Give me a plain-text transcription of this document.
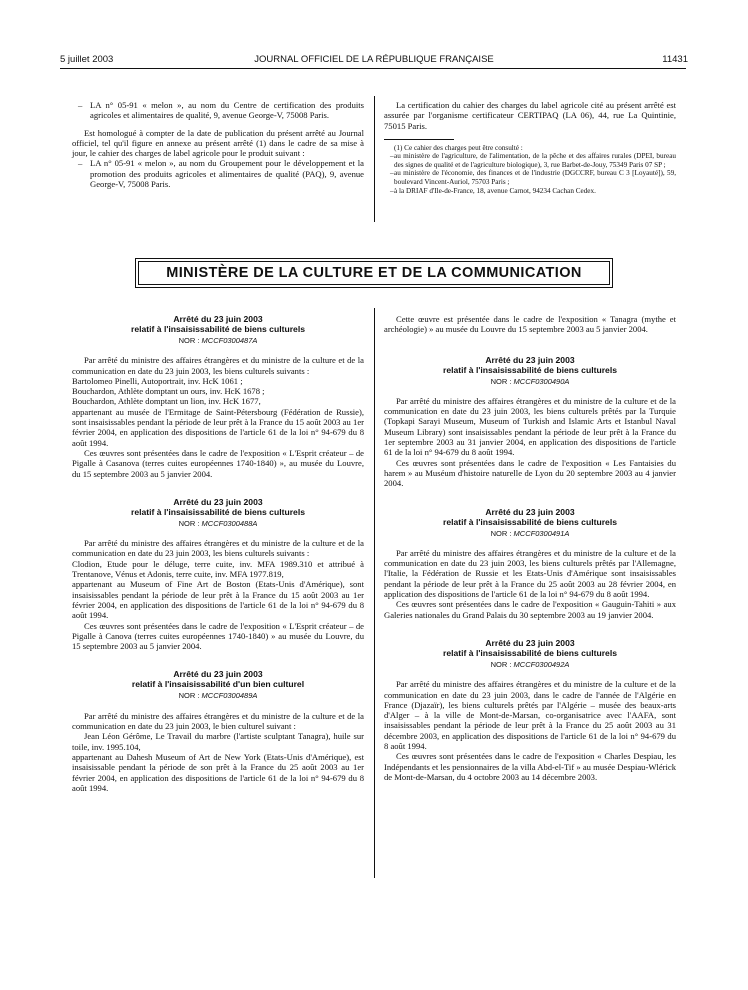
5 juillet 2003	JOURNAL OFFICIEL DE LA RÉPUBLIQUE FRANÇAISE	11431

– LA n° 05-91 « melon », au nom du Centre de certification des produits agricoles et alimentaires de qualité, 9, avenue George-V, 75008 Paris.

Est homologué à compter de la date de publication du présent arrêté au Journal officiel, tel qu'il figure en annexe au présent arrêté (1) dans le cadre de sa mise à jour, le cahier des charges de label agricole pour le produit suivant :

– LA n° 05-91 « melon », au nom du Groupement pour le développement et la promotion des produits agricoles et alimentaires de qualité (PAQ), 9, avenue George-V, 75008 Paris.

La certification du cahier des charges du label agricole cité au présent arrêté est assurée par l'organisme certificateur CERTIPAQ (LA 06), 44, rue La Quintinie, 75015 Paris.

(1) Ce cahier des charges peut être consulté :

– au ministère de l'agriculture, de l'alimentation, de la pêche et des affaires rurales (DPEI, bureau des signes de qualité et de l'agriculture biologique), 3, rue Barbet-de-Jouy, 75349 Paris 07 SP ;

– au ministère de l'économie, des finances et de l'industrie (DGCCRF, bureau C 3 [Loyauté]), 59, boulevard Vincent-Auriol, 75703 Paris ;

– à la DRIAF d'Ile-de-France, 18, avenue Carnot, 94234 Cachan Cedex.

MINISTÈRE DE LA CULTURE ET DE LA COMMUNICATION
Arrêté du 23 juin 2003
relatif à l'insaisissabilité de biens culturels
NOR : MCCF0300487A

Par arrêté du ministre des affaires étrangères et du ministre de la culture et de la communication en date du 23 juin 2003, les biens culturels suivants :

Bartolomeo Pinelli, Autoportrait, inv. HcK 1061 ;

Bouchardon, Athlète domptant un ours, inv. HcK 1678 ;

Bouchardon, Athlète domptant un lion, inv. HcK 1677,

appartenant au musée de l'Ermitage de Saint-Pétersbourg (Fédération de Russie), sont insaisissables pendant la période de leur prêt à la France du 15 août 2003 au 1er février 2004, en application des dispositions de l'article 61 de la loi n° 94-679 du 8 août 1994.

Ces œuvres sont présentées dans le cadre de l'exposition « L'Esprit créateur – de Pigalle à Casanova (terres cuites européennes 1740-1840) », au musée du Louvre, du 15 septembre 2003 au 5 janvier 2004.

Arrêté du 23 juin 2003
relatif à l'insaisissabilité de biens culturels
NOR : MCCF0300488A

Par arrêté du ministre des affaires étrangères et du ministre de la culture et de la communication en date du 23 juin 2003, les biens culturels suivants :

Clodion, Etude pour le déluge, terre cuite, inv. MFA 1989.310 et attribué à Trentanove, Vénus et Adonis, terre cuite, inv. MFA 1977.819,

appartenant au Museum of Fine Art de Boston (Etats-Unis d'Amérique), sont insaisissables pendant la période de leur prêt à la France du 15 août 2003 au 1er février 2004, en application des dispositions de l'article 61 de la loi n° 94-679 du 8 août 1994.

Ces œuvres sont présentées dans le cadre de l'exposition « L'Esprit créateur – de Pigalle à Canova (terres cuites européennes 1740-1840) » au musée du Louvre, du 15 septembre 2003 au 5 janvier 2004.

Arrêté du 23 juin 2003
relatif à l'insaisissabilité d'un bien culturel
NOR : MCCF0300489A

Par arrêté du ministre des affaires étrangères et du ministre de la culture et de la communication en date du 23 juin 2003, le bien culturel suivant :

Jean Léon Gérôme, Le Travail du marbre (l'artiste sculptant Tanagra), huile sur toile, inv. 1995.104,

appartenant au Dahesh Museum of Art de New York (Etats-Unis d'Amérique), est insaisissable pendant la période de son prêt à la France du 25 août 2003 au 1er février 2004, en application des dispositions de l'article 61 de la loi n° 94-679 du 8 août 1994.

Cette œuvre est présentée dans le cadre de l'exposition « Tanagra (mythe et archéologie) » au musée du Louvre du 15 septembre 2003 au 5 janvier 2004.

Arrêté du 23 juin 2003
relatif à l'insaisissabilité de biens culturels
NOR : MCCF0300490A

Par arrêté du ministre des affaires étrangères et du ministre de la culture et de la communication en date du 23 juin 2003, les biens culturels prêtés par la Turquie (Topkapi Sarayi Museum, Museum of Turkish and Islamic Arts et Istanbul Naval Museum Library) sont insaisissables pendant la période de leur prêt à la France du 1er septembre 2003 au 31 janvier 2004, en application des dispositions de l'article 61 de la loi n° 94-679 du 8 août 1994.

Ces œuvres sont présentées dans le cadre de l'exposition « Les Fantaisies du harem » au Muséum d'histoire naturelle de Lyon du 20 septembre 2003 au 4 janvier 2004.

Arrêté du 23 juin 2003
relatif à l'insaisissabilité de biens culturels
NOR : MCCF0300491A

Par arrêté du ministre des affaires étrangères et du ministre de la culture et de la communication en date du 23 juin 2003, les biens culturels prêtés par l'Allemagne, l'Italie, la Fédération de Russie et les Etats-Unis d'Amérique sont insaisissables pendant la période de leur prêt à la France du 25 août 2003 au 28 février 2004, en application des dispositions de l'article 61 de la loi n° 94-679 du 8 août 1994.

Ces œuvres sont présentées dans le cadre de l'exposition « Gauguin-Tahiti » aux Galeries nationales du Grand Palais du 30 septembre 2003 au 19 janvier 2004.

Arrêté du 23 juin 2003
relatif à l'insaisissabilité de biens culturels
NOR : MCCF0300492A

Par arrêté du ministre des affaires étrangères et du ministre de la culture et de la communication en date du 23 juin 2003, dans le cadre de l'année de l'Algérie en France (Djazaïr), les biens culturels prêtés par l'Algérie – musée des beaux-arts d'Alger – à la ville de Mont-de-Marsan, co-organisatrice avec l'AAFA, sont insaisissables pendant la période de leur prêt à la France du 25 août 2003 au 31 décembre 2003, en application des dispositions de l'article 61 de la loi n° 94-679 du 8 août 1994.

Ces œuvres sont présentées dans le cadre de l'exposition « Charles Despiau, les Indépendants et les pensionnaires de la villa Abd-el-Tif » au musée Despiau-Wlérick de Mont-de-Marsan, du 4 octobre 2003 au 14 décembre 2003.
